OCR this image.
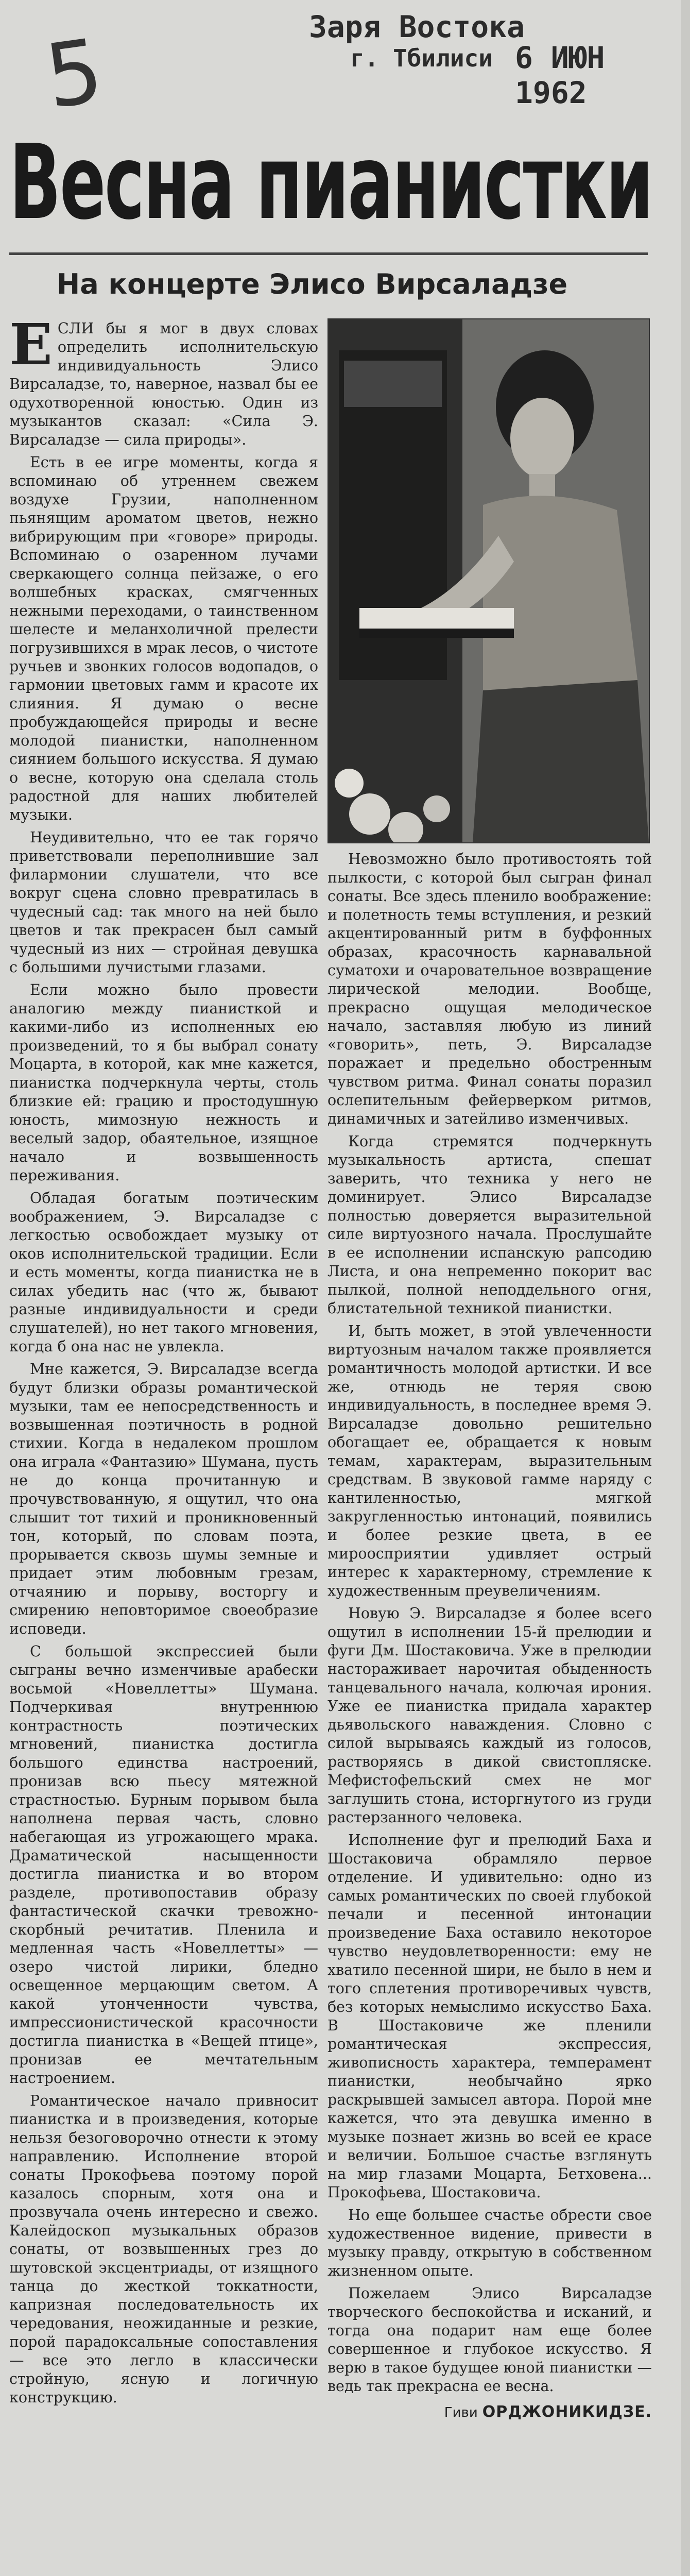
5	Заря Востока
г. Тбилиси 6 ИЮН 1962
Весна пианистки
На концерте Элисо Вирсаладзе

ЕСЛИ бы я мог в двух словах определить исполнительскую индивидуальность Элисо Вирсаладзе, то, наверное, назвал бы ее одухотворенной юностью. Один из музыкантов сказал: «Сила Э. Вирсаладзе — сила природы».

Есть в ее игре моменты, когда я вспоминаю об утреннем свежем воздухе Грузии, наполненном пьянящим ароматом цветов, нежно вибрирующим при «говоре» природы. Вспоминаю о озаренном лучами сверкающего солнца пейзаже, о его волшебных красках, смягченных нежными переходами, о таинственном шелесте и меланхоличной прелести погрузившихся в мрак лесов, о чистоте ручьев и звонких голосов водопадов, о гармонии цветовых гамм и красоте их слияния. Я думаю о весне пробуждающейся природы и весне молодой пианистки, наполненном сиянием большого искусства. Я думаю о весне, которую она сделала столь радостной для наших любителей музыки.

Неудивительно, что ее так горячо приветствовали переполнившие зал филармонии слушатели, что все вокруг сцена словно превратилась в чудесный сад: так много на ней было цветов и так прекрасен был самый чудесный из них — стройная девушка с большими лучистыми глазами.

Если можно было провести аналогию между пианисткой и какими-либо из исполненных ею произведений, то я бы выбрал сонату Моцарта, в которой, как мне кажется, пианистка подчеркнула черты, столь близкие ей: грацию и простодушную юность, мимозную нежность и веселый задор, обаятельное, изящное начало и возвышенность переживания.

Обладая богатым поэтическим воображением, Э. Вирсаладзе с легкостью освобождает музыку от оков исполнительской традиции. Если и есть моменты, когда пианистка не в силах убедить нас (что ж, бывают разные индивидуальности и среди слушателей), но нет такого мгновения, когда б она нас не увлекла.

Мне кажется, Э. Вирсаладзе всегда будут близки образы романтической музыки, там ее непосредственность и возвышенная поэтичность в родной стихии. Когда в недалеком прошлом она играла «Фантазию» Шумана, пусть не до конца прочитанную и прочувствованную, я ощутил, что она слышит тот тихий и проникновенный тон, который, по словам поэта, прорывается сквозь шумы земные и придает этим любовным грезам, отчаянию и порыву, восторгу и смирению неповторимое своеобразие исповеди.

С большой экспрессией были сыграны вечно изменчивые арабески восьмой «Новеллетты» Шумана. Подчеркивая внутреннюю контрастность поэтических мгновений, пианистка достигла большого единства настроений, пронизав всю пьесу мятежной страстностью. Бурным порывом была наполнена первая часть, словно набегающая из угрожающего мрака. Драматической насыщенности достигла пианистка и во втором разделе, противопоставив образу фантастической скачки тревожно-скорбный речитатив. Пленила и медленная часть «Новеллетты» — озеро чистой лирики, бледно освещенное мерцающим светом. А какой утонченности чувства, импрессионистической красочности достигла пианистка в «Вещей птице», пронизав ее мечтательным настроением.

Романтическое начало привносит пианистка и в произведения, которые нельзя безоговорочно отнести к этому направлению. Исполнение второй сонаты Прокофьева поэтому порой казалось спорным, хотя она и прозвучала очень интересно и свежо. Калейдоскоп музыкальных образов сонаты, от возвышенных грез до шутовской эксцентриады, от изящного танца до жесткой токкатности, капризная последовательность их чередования, неожиданные и резкие, порой парадоксальные сопоставления — все это легло в классически стройную, ясную и логичную конструкцию.

Невозможно было противостоять той пылкости, с которой был сыгран финал сонаты. Все здесь пленило воображение: и полетность темы вступления, и резкий акцентированный ритм в буффонных образах, красочность карнавальной суматохи и очаровательное возвращение лирической мелодии. Вообще, прекрасно ощущая мелодическое начало, заставляя любую из линий «говорить», петь, Э. Вирсаладзе поражает и предельно обостренным чувством ритма. Финал сонаты поразил ослепительным фейерверком ритмов, динамичных и затейливо изменчивых.

Когда стремятся подчеркнуть музыкальность артиста, спешат заверить, что техника у него не доминирует. Элисо Вирсаладзе полностью доверяется выразительной силе виртуозного начала. Прослушайте в ее исполнении испанскую рапсодию Листа, и она непременно покорит вас пылкой, полной неподдельного огня, блистательной техникой пианистки.

И, быть может, в этой увлеченности виртуозным началом также проявляется романтичность молодой артистки. И все же, отнюдь не теряя свою индивидуальность, в последнее время Э. Вирсаладзе довольно решительно обогащает ее, обращается к новым темам, характерам, выразительным средствам. В звуковой гамме наряду с кантиленностью, мягкой закругленностью интонаций, появились и более резкие цвета, в ее мироосприятии удивляет острый интерес к характерному, стремление к художественным преувеличениям.

Новую Э. Вирсаладзе я более всего ощутил в исполнении 15-й прелюдии и фуги Дм. Шостаковича. Уже в прелюдии настораживает нарочитая обыденность танцевального начала, колючая ирония. Уже ее пианистка придала характер дьявольского наваждения. Словно с силой вырываясь каждый из голосов, растворяясь в дикой свистопляске. Мефистофельский смех не мог заглушить стона, исторгнутого из груди растерзанного человека.

Исполнение фуг и прелюдий Баха и Шостаковича обрамляло первое отделение. И удивительно: одно из самых романтических по своей глубокой печали и песенной интонации произведение Баха оставило некоторое чувство неудовлетворенности: ему не хватило песенной шири, не было в нем и того сплетения противоречивых чувств, без которых немыслимо искусство Баха. В Шостаковиче же пленили романтическая экспрессия, живописность характера, темперамент пианистки, необычайно ярко раскрывшей замысел автора. Порой мне кажется, что эта девушка именно в музыке познает жизнь во всей ее красе и величии. Большое счастье взглянуть на мир глазами Моцарта, Бетховена... Прокофьева, Шостаковича.

Но еще большее счастье обрести свое художественное видение, привести в музыку правду, открытую в собственном жизненном опыте.

Пожелаем Элисо Вирсаладзе творческого беспокойства и исканий, и тогда она подарит нам еще более совершенное и глубокое искусство. Я верю в такое будущее юной пианистки — ведь так прекрасна ее весна.

Гиви ОРДЖОНИКИДЗЕ.
